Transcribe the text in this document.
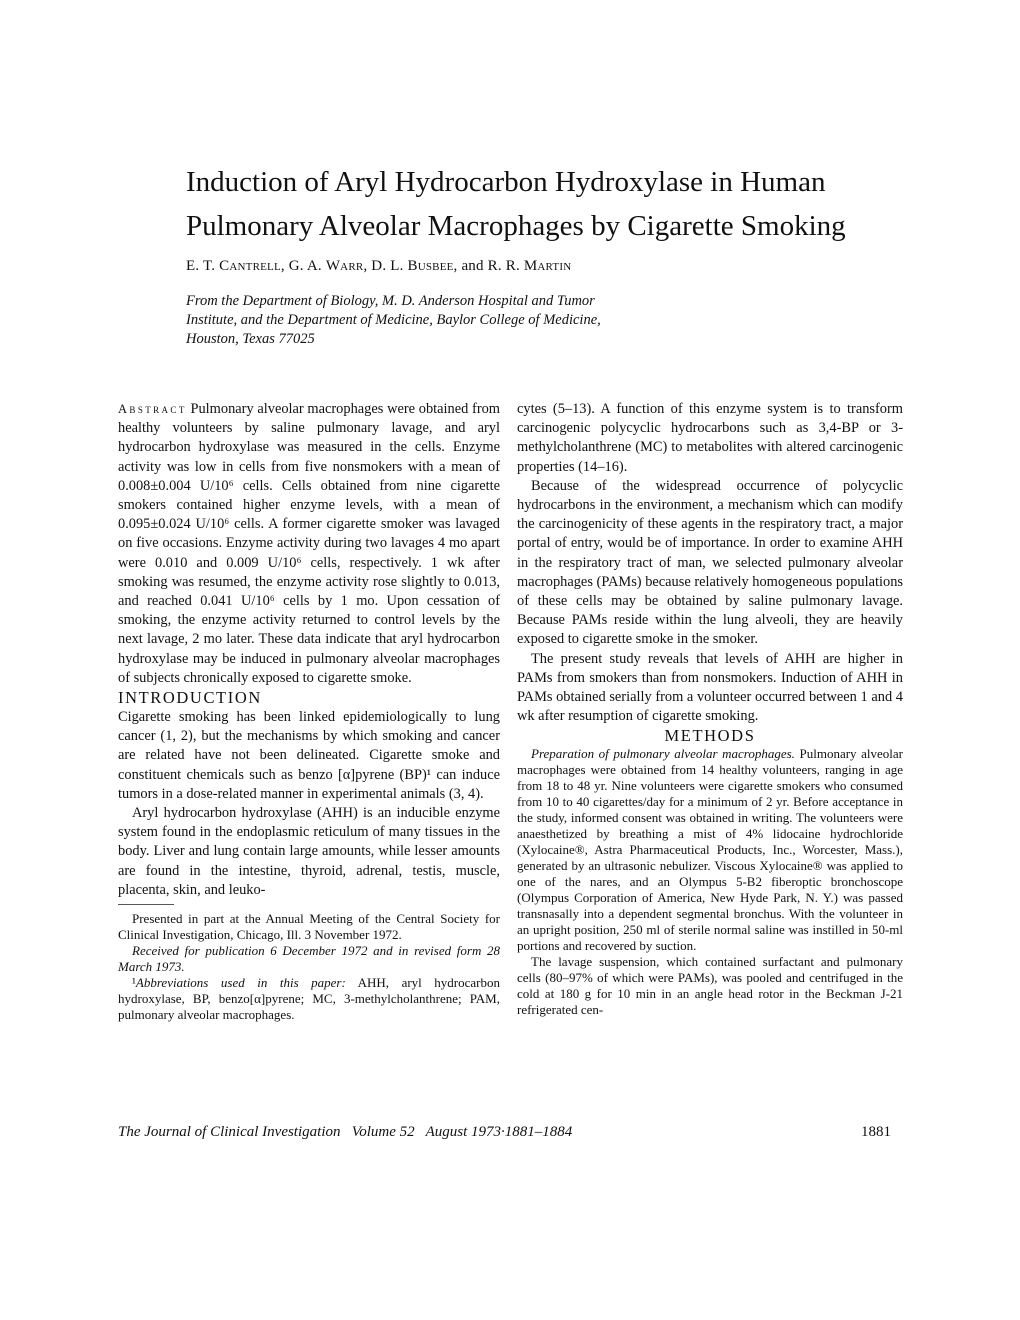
Induction of Aryl Hydrocarbon Hydroxylase in Human
Pulmonary Alveolar Macrophages by Cigarette Smoking
E. T. Cantrell, G. A. Warr, D. L. Busbee, and R. R. Martin
From the Department of Biology, M. D. Anderson Hospital and Tumor
Institute, and the Department of Medicine, Baylor College of Medicine,
Houston, Texas 77025

Abstract Pulmonary alveolar macrophages were obtained from healthy volunteers by saline pulmonary lavage, and aryl hydrocarbon hydroxylase was measured in the cells. Enzyme activity was low in cells from five nonsmokers with a mean of 0.008±0.004 U/10⁶ cells. Cells obtained from nine cigarette smokers contained higher enzyme levels, with a mean of 0.095±0.024 U/10⁶ cells. A former cigarette smoker was lavaged on five occasions. Enzyme activity during two lavages 4 mo apart were 0.010 and 0.009 U/10⁶ cells, respectively. 1 wk after smoking was resumed, the enzyme activity rose slightly to 0.013, and reached 0.041 U/10⁶ cells by 1 mo. Upon cessation of smoking, the enzyme activity returned to control levels by the next lavage, 2 mo later. These data indicate that aryl hydrocarbon hydroxylase may be induced in pulmonary alveolar macrophages of subjects chronically exposed to cigarette smoke.

INTRODUCTION

Cigarette smoking has been linked epidemiologically to lung cancer (1, 2), but the mechanisms by which smoking and cancer are related have not been delineated. Cigarette smoke and constituent chemicals such as benzo [α]pyrene (BP)¹ can induce tumors in a dose-related manner in experimental animals (3, 4).

Aryl hydrocarbon hydroxylase (AHH) is an inducible enzyme system found in the endoplasmic reticulum of many tissues in the body. Liver and lung contain large amounts, while lesser amounts are found in the intestine, thyroid, adrenal, testis, muscle, placenta, skin, and leuko-

Presented in part at the Annual Meeting of the Central Society for Clinical Investigation, Chicago, Ill. 3 November 1972.

Received for publication 6 December 1972 and in revised form 28 March 1973.

¹Abbreviations used in this paper: AHH, aryl hydrocarbon hydroxylase, BP, benzo[α]pyrene; MC, 3-methylcholanthrene; PAM, pulmonary alveolar macrophages.

cytes (5–13). A function of this enzyme system is to transform carcinogenic polycyclic hydrocarbons such as 3,4-BP or 3-methylcholanthrene (MC) to metabolites with altered carcinogenic properties (14–16).

Because of the widespread occurrence of polycyclic hydrocarbons in the environment, a mechanism which can modify the carcinogenicity of these agents in the respiratory tract, a major portal of entry, would be of importance. In order to examine AHH in the respiratory tract of man, we selected pulmonary alveolar macrophages (PAMs) because relatively homogeneous populations of these cells may be obtained by saline pulmonary lavage. Because PAMs reside within the lung alveoli, they are heavily exposed to cigarette smoke in the smoker.

The present study reveals that levels of AHH are higher in PAMs from smokers than from nonsmokers. Induction of AHH in PAMs obtained serially from a volunteer occurred between 1 and 4 wk after resumption of cigarette smoking.

METHODS

Preparation of pulmonary alveolar macrophages. Pulmonary alveolar macrophages were obtained from 14 healthy volunteers, ranging in age from 18 to 48 yr. Nine volunteers were cigarette smokers who consumed from 10 to 40 cigarettes/day for a minimum of 2 yr. Before acceptance in the study, informed consent was obtained in writing. The volunteers were anaesthetized by breathing a mist of 4% lidocaine hydrochloride (Xylocaine®, Astra Pharmaceutical Products, Inc., Worcester, Mass.), generated by an ultrasonic nebulizer. Viscous Xylocaine® was applied to one of the nares, and an Olympus 5-B2 fiberoptic bronchoscope (Olympus Corporation of America, New Hyde Park, N. Y.) was passed transnasally into a dependent segmental bronchus. With the volunteer in an upright position, 250 ml of sterile normal saline was instilled in 50-ml portions and recovered by suction.

The lavage suspension, which contained surfactant and pulmonary cells (80–97% of which were PAMs), was pooled and centrifuged in the cold at 180 g for 10 min in an angle head rotor in the Beckman J-21 refrigerated cen-

The Journal of Clinical Investigation   Volume 52   August 1973·1881–1884	1881
